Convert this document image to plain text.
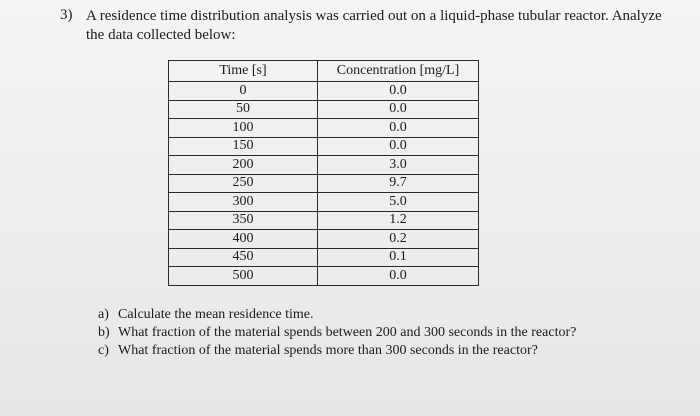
3) A residence time distribution analysis was carried out on a liquid-phase tubular reactor. Analyze
the data collected below:
Time [s]	Concentration [mg/L]
0	0.0
50	0.0
100	0.0
150	0.0
200	3.0
250	9.7
300	5.0
350	1.2
400	0.2
450	0.1
500	0.0
a) Calculate the mean residence time.
b) What fraction of the material spends between 200 and 300 seconds in the reactor?
c) What fraction of the material spends more than 300 seconds in the reactor?
